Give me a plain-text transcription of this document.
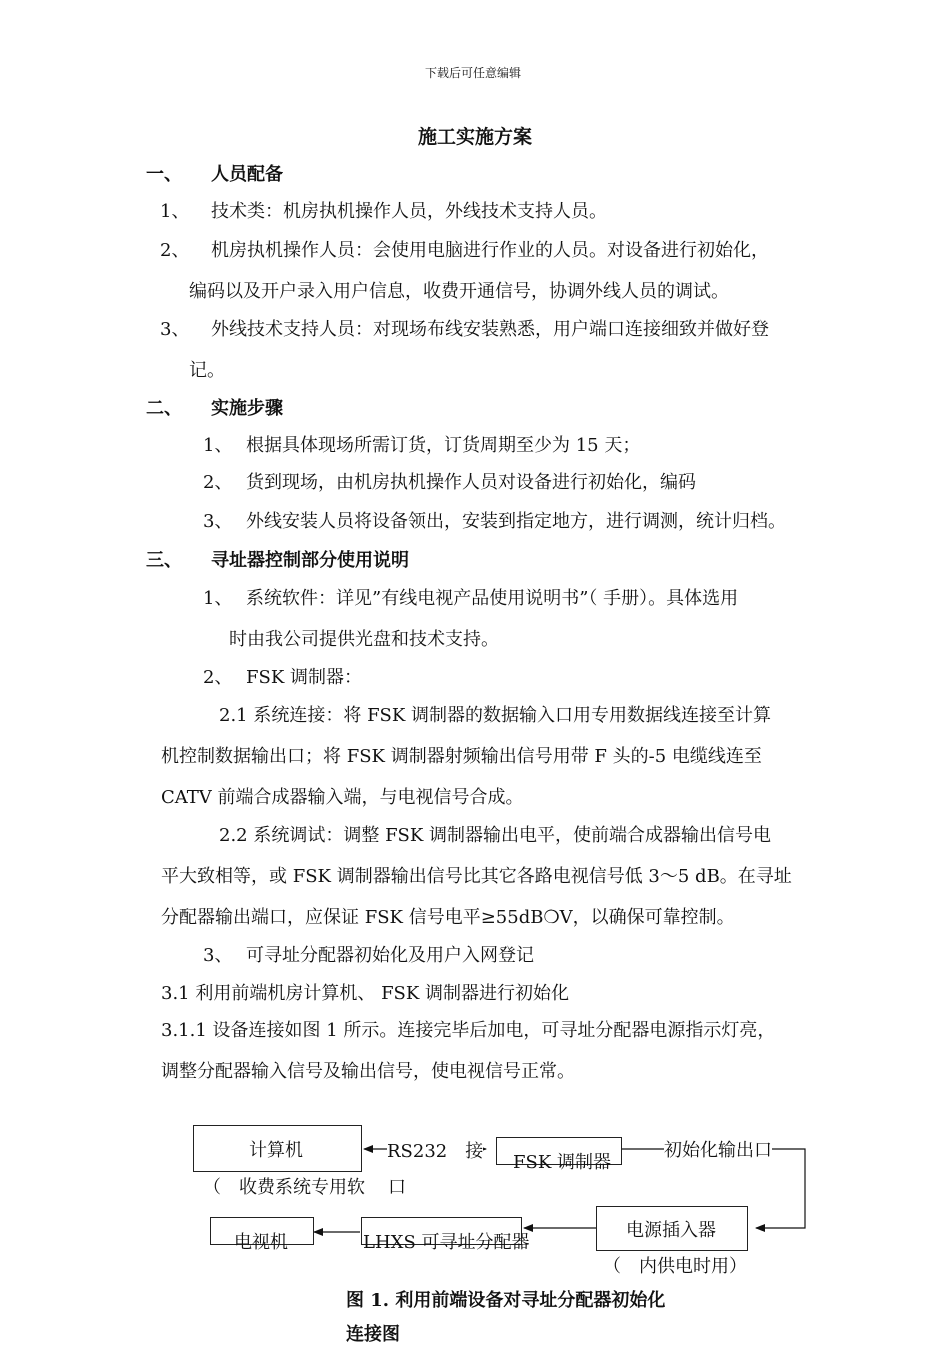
下载后可任意编辑
施工实施方案
一、 人员配备
1、 技术类：机房执机操作人员，外线技术支持人员。
2、 机房执机操作人员：会使用电脑进行作业的人员。对设备进行初始化，
编码以及开户录入用户信息，收费开通信号，协调外线人员的调试。
3、 外线技术支持人员：对现场布线安装熟悉，用户端口连接细致并做好登
记。
二、 实施步骤
1、 根据具体现场所需订货，订货周期至少为 15 天；
2、 货到现场，由机房执机操作人员对设备进行初始化，编码
3、 外线安装人员将设备领出，安装到指定地方，进行调测，统计归档。
三、 寻址器控制部分使用说明
1、 系统软件：详见”有线电视产品使用说明书”（ 手册）。具体选用
时由我公司提供光盘和技术支持。
2、 FSK 调制器：
2.1 系统连接：将 FSK 调制器的数据输入口用专用数据线连接至计算
机控制数据输出口；将 FSK 调制器射频输出信号用带 F 头的-5 电缆线连至
CATV 前端合成器输入端，与电视信号合成。
2.2 系统调试：调整 FSK 调制器输出电平，使前端合成器输出信号电
平大致相等，或 FSK 调制器输出信号比其它各路电视信号低 3～5 dB。在寻址
分配器输出端口，应保证 FSK 信号电平≥55dB❍V，以确保可靠控制。
3、 可寻址分配器初始化及用户入网登记
3.1 利用前端机房计算机、 FSK 调制器进行初始化
3.1.1 设备连接如图 1 所示。连接完毕后加电，可寻址分配器电源指示灯亮，
调整分配器输入信号及输出信号，使电视信号正常。
计算机	RS232　接
FSK 调制器
初始化输出口
（　收费系统专用软 口
电视机	LHXS 可寻址分配器
电源插入器
（　内供电时用）
图 1. 利用前端设备对寻址分配器初始化
连接图
